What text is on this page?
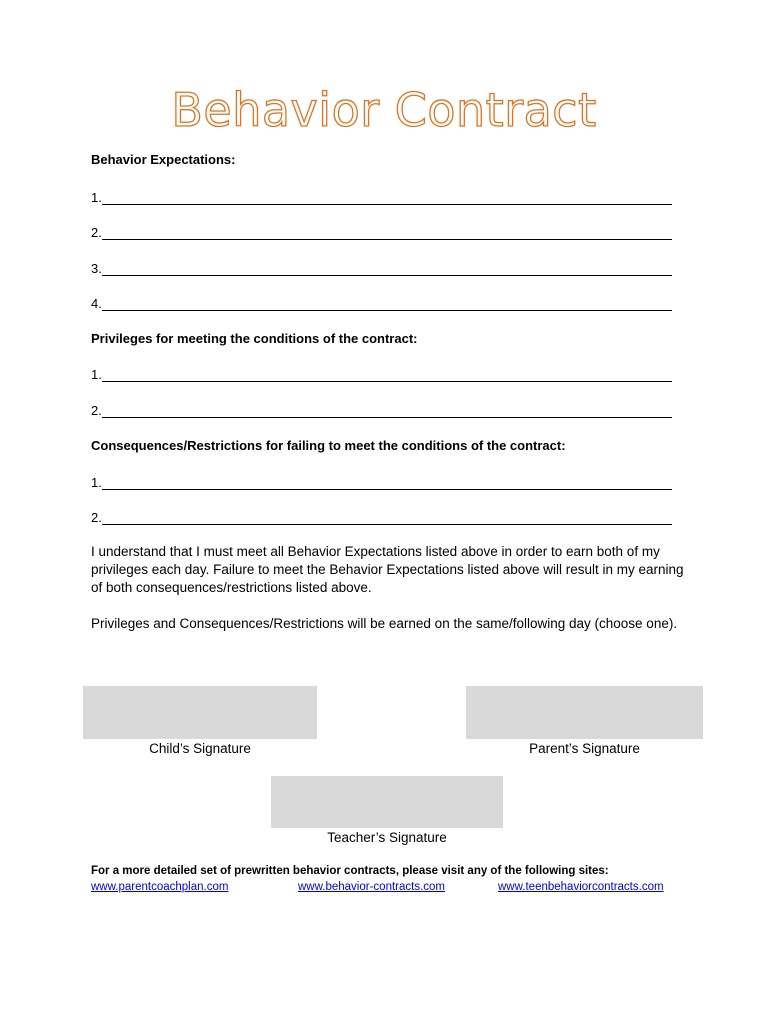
Behavior Contract
Behavior Expectations:
1.
2.
3.
4.
Privileges for meeting the conditions of the contract:
1.
2.
Consequences/Restrictions for failing to meet the conditions of the contract:
1.
2.
I understand that I must meet all Behavior Expectations listed above in order to earn both of my privileges each day. Failure to meet the Behavior Expectations listed above will result in my earning of both consequences/restrictions listed above.
Privileges and Consequences/Restrictions will be earned on the same/following day (choose one).
Child’s Signature	Parent’s Signature
Teacher’s Signature
For a more detailed set of prewritten behavior contracts, please visit any of the following sites:
www.parentcoachplan.com	www.behavior-contracts.com	www.teenbehaviorcontracts.com
